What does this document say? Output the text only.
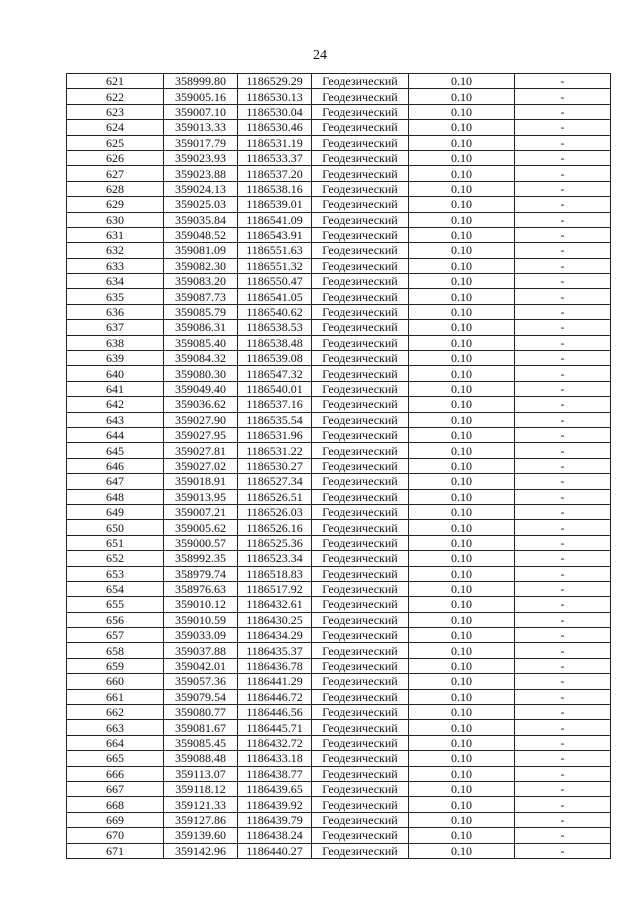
24
621	358999.80	1186529.29	Геодезический	0.10	-
622	359005.16	1186530.13	Геодезический	0.10	-
623	359007.10	1186530.04	Геодезический	0.10	-
624	359013.33	1186530.46	Геодезический	0.10	-
625	359017.79	1186531.19	Геодезический	0.10	-
626	359023.93	1186533.37	Геодезический	0.10	-
627	359023.88	1186537.20	Геодезический	0.10	-
628	359024.13	1186538.16	Геодезический	0.10	-
629	359025.03	1186539.01	Геодезический	0.10	-
630	359035.84	1186541.09	Геодезический	0.10	-
631	359048.52	1186543.91	Геодезический	0.10	-
632	359081.09	1186551.63	Геодезический	0.10	-
633	359082.30	1186551.32	Геодезический	0.10	-
634	359083.20	1186550.47	Геодезический	0.10	-
635	359087.73	1186541.05	Геодезический	0.10	-
636	359085.79	1186540.62	Геодезический	0.10	-
637	359086.31	1186538.53	Геодезический	0.10	-
638	359085.40	1186538.48	Геодезический	0.10	-
639	359084.32	1186539.08	Геодезический	0.10	-
640	359080.30	1186547.32	Геодезический	0.10	-
641	359049.40	1186540.01	Геодезический	0.10	-
642	359036.62	1186537.16	Геодезический	0.10	-
643	359027.90	1186535.54	Геодезический	0.10	-
644	359027.95	1186531.96	Геодезический	0.10	-
645	359027.81	1186531.22	Геодезический	0.10	-
646	359027.02	1186530.27	Геодезический	0.10	-
647	359018.91	1186527.34	Геодезический	0.10	-
648	359013.95	1186526.51	Геодезический	0.10	-
649	359007.21	1186526.03	Геодезический	0.10	-
650	359005.62	1186526.16	Геодезический	0.10	-
651	359000.57	1186525.36	Геодезический	0.10	-
652	358992.35	1186523.34	Геодезический	0.10	-
653	358979.74	1186518.83	Геодезический	0.10	-
654	358976.63	1186517.92	Геодезический	0.10	-
655	359010.12	1186432.61	Геодезический	0.10	-
656	359010.59	1186430.25	Геодезический	0.10	-
657	359033.09	1186434.29	Геодезический	0.10	-
658	359037.88	1186435.37	Геодезический	0.10	-
659	359042.01	1186436.78	Геодезический	0.10	-
660	359057.36	1186441.29	Геодезический	0.10	-
661	359079.54	1186446.72	Геодезический	0.10	-
662	359080.77	1186446.56	Геодезический	0.10	-
663	359081.67	1186445.71	Геодезический	0.10	-
664	359085.45	1186432.72	Геодезический	0.10	-
665	359088.48	1186433.18	Геодезический	0.10	-
666	359113.07	1186438.77	Геодезический	0.10	-
667	359118.12	1186439.65	Геодезический	0.10	-
668	359121.33	1186439.92	Геодезический	0.10	-
669	359127.86	1186439.79	Геодезический	0.10	-
670	359139.60	1186438.24	Геодезический	0.10	-
671	359142.96	1186440.27	Геодезический	0.10	-
